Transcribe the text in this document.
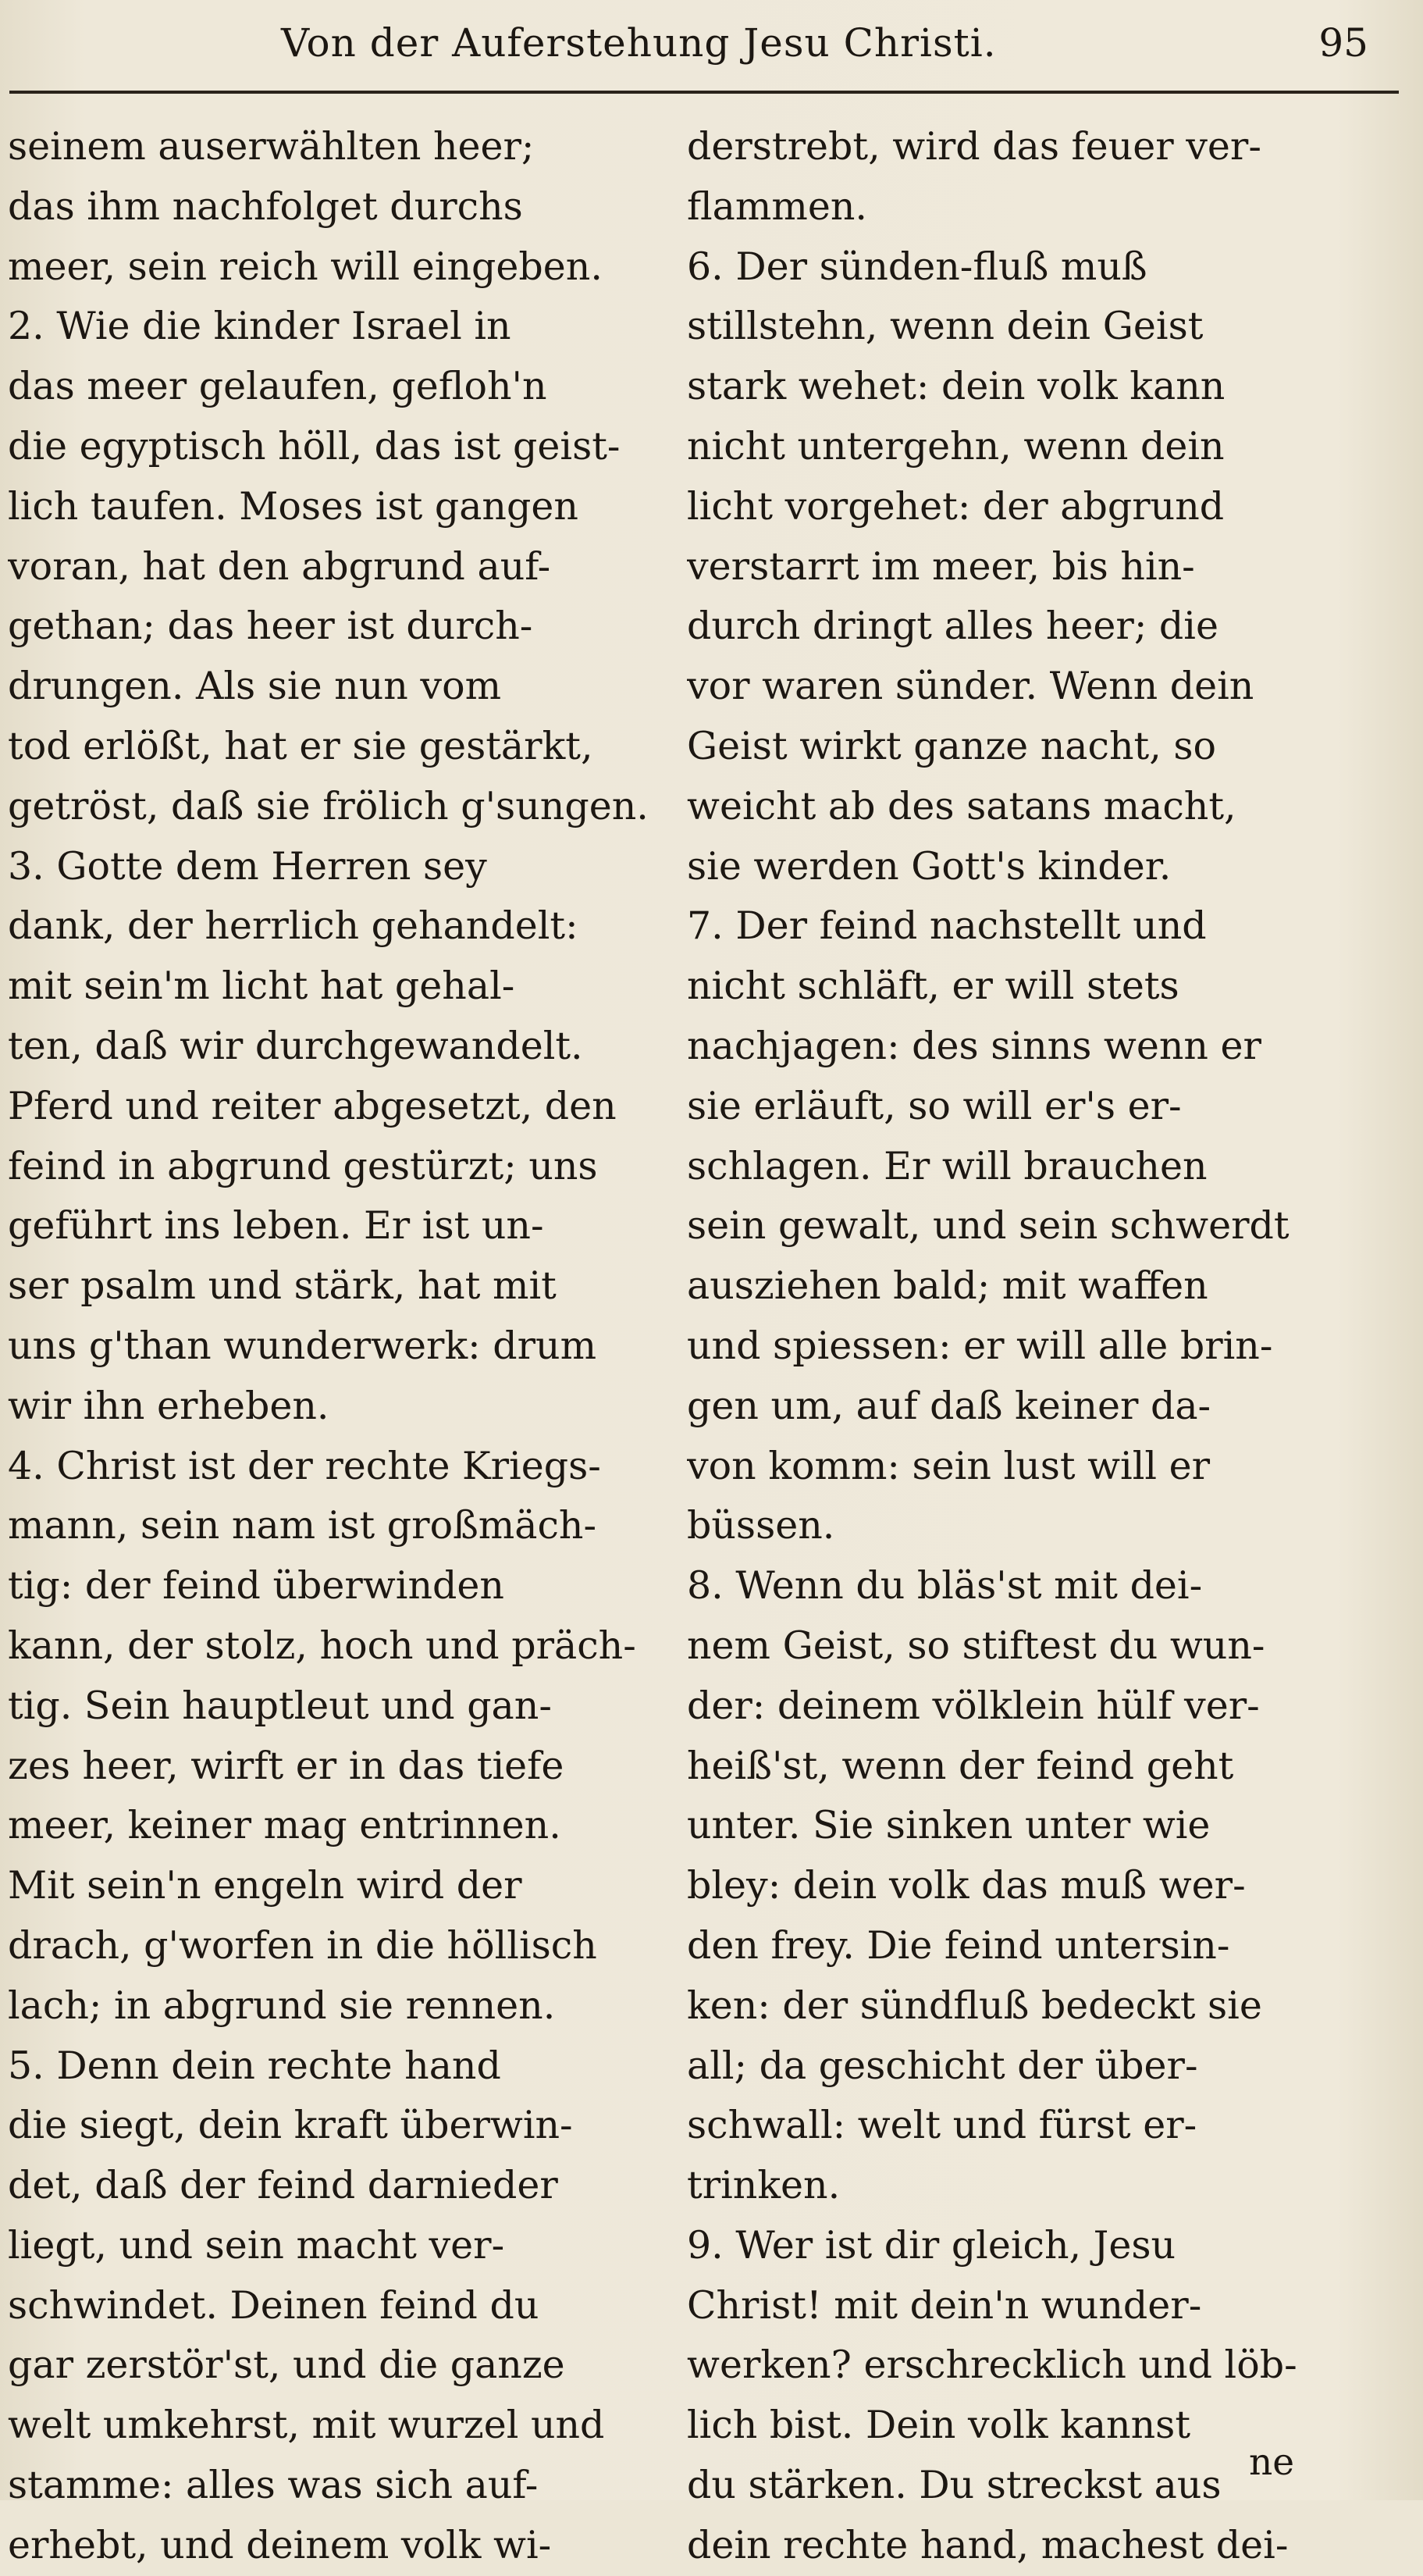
Von der Auferstehung Jesu Christi.	95
seinem auserwählten heer;
das ihm nachfolget durchs
meer, sein reich will eingeben.
2. Wie die kinder Israel in
das meer gelaufen, gefloh'n
die egyptisch höll, das ist geist-
lich taufen. Moses ist gangen
voran, hat den abgrund auf-
gethan; das heer ist durch-
drungen. Als sie nun vom
tod erlößt, hat er sie gestärkt,
getröst, daß sie frölich g'sungen.
3. Gotte dem Herren sey
dank, der herrlich gehandelt:
mit sein'm licht hat gehal-
ten, daß wir durchgewandelt.
Pferd und reiter abgesetzt, den
feind in abgrund gestürzt; uns
geführt ins leben. Er ist un-
ser psalm und stärk, hat mit
uns g'than wunderwerk: drum
wir ihn erheben.
4. Christ ist der rechte Kriegs-
mann, sein nam ist großmäch-
tig: der feind überwinden
kann, der stolz, hoch und präch-
tig. Sein hauptleut und gan-
zes heer, wirft er in das tiefe
meer, keiner mag entrinnen.
Mit sein'n engeln wird der
drach, g'worfen in die höllisch
lach; in abgrund sie rennen.
5. Denn dein rechte hand
die siegt, dein kraft überwin-
det, daß der feind darnieder
liegt, und sein macht ver-
schwindet. Deinen feind du
gar zerstör'st, und die ganze
welt umkehrst, mit wurzel und
stamme: alles was sich auf-
erhebt, und deinem volk wi-
derstrebt, wird das feuer ver-
flammen.
6. Der sünden-fluß muß
stillstehn, wenn dein Geist
stark wehet: dein volk kann
nicht untergehn, wenn dein
licht vorgehet: der abgrund
verstarrt im meer, bis hin-
durch dringt alles heer; die
vor waren sünder. Wenn dein
Geist wirkt ganze nacht, so
weicht ab des satans macht,
sie werden Gott's kinder.
7. Der feind nachstellt und
nicht schläft, er will stets
nachjagen: des sinns wenn er
sie erläuft, so will er's er-
schlagen. Er will brauchen
sein gewalt, und sein schwerdt
ausziehen bald; mit waffen
und spiessen: er will alle brin-
gen um, auf daß keiner da-
von komm: sein lust will er
büssen.
8. Wenn du bläs'st mit dei-
nem Geist, so stiftest du wun-
der: deinem völklein hülf ver-
heiß'st, wenn der feind geht
unter. Sie sinken unter wie
bley: dein volk das muß wer-
den frey. Die feind untersin-
ken: der sündfluß bedeckt sie
all; da geschicht der über-
schwall: welt und fürst er-
trinken.
9. Wer ist dir gleich, Jesu
Christ! mit dein'n wunder-
werken? erschrecklich und löb-
lich bist. Dein volk kannst
du stärken. Du streckst aus
dein rechte hand, machest dei-
ne
